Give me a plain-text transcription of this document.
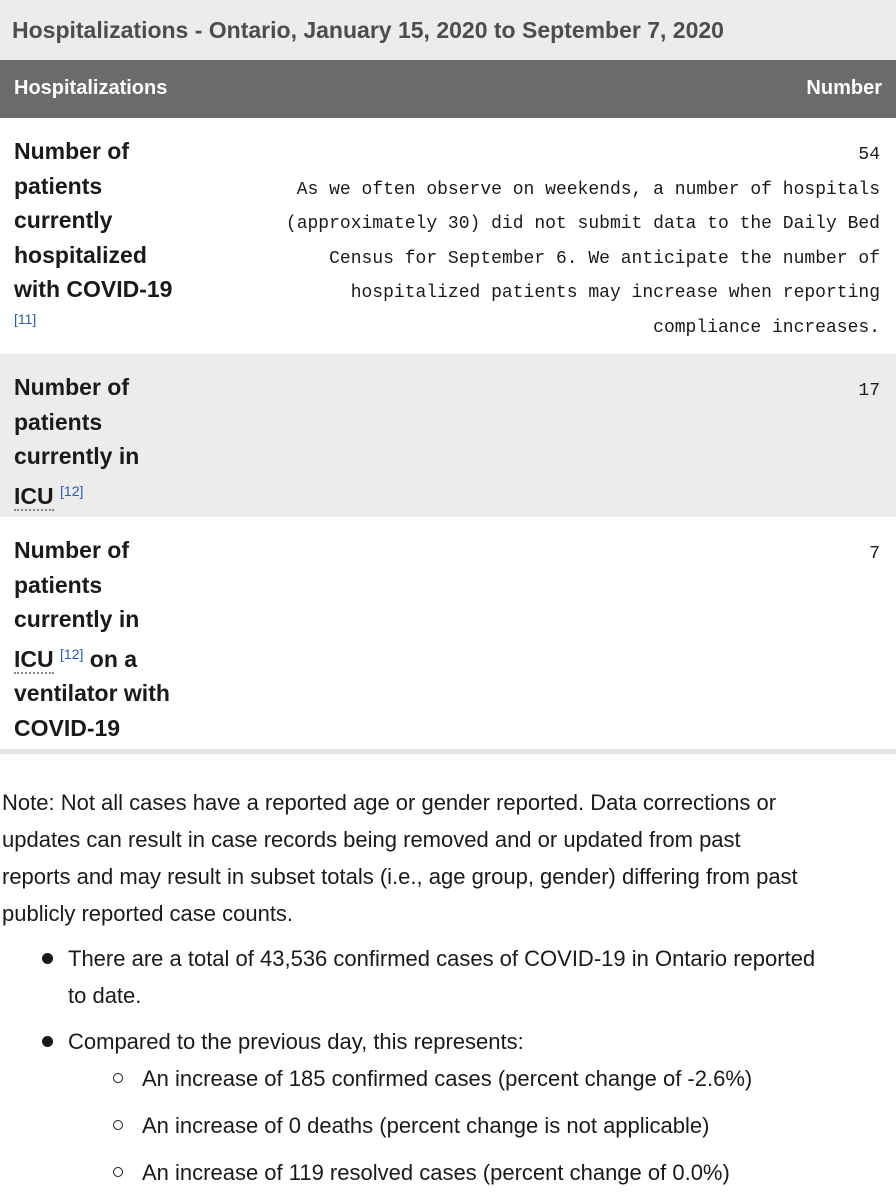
Hospitalizations - Ontario, January 15, 2020 to September 7, 2020
Hospitalizations	Number
Number of
patients
currently
hospitalized
with COVID-19
[11]
54
As we often observe on weekends, a number of hospitals
(approximately 30) did not submit data to the Daily Bed
Census for September 6. We anticipate the number of
hospitalized patients may increase when reporting
compliance increases.
Number of
patients
currently in
ICU [12]
17
Number of
patients
currently in
ICU [12] on a
ventilator with
COVID-19
7
Note: Not all cases have a reported age or gender reported. Data corrections or
updates can result in case records being removed and or updated from past
reports and may result in subset totals (i.e., age group, gender) differing from past
publicly reported case counts.
There are a total of 43,536 confirmed cases of COVID-19 in Ontario reported
to date.
Compared to the previous day, this represents:
An increase of 185 confirmed cases (percent change of -2.6%)
An increase of 0 deaths (percent change is not applicable)
An increase of 119 resolved cases (percent change of 0.0%)
